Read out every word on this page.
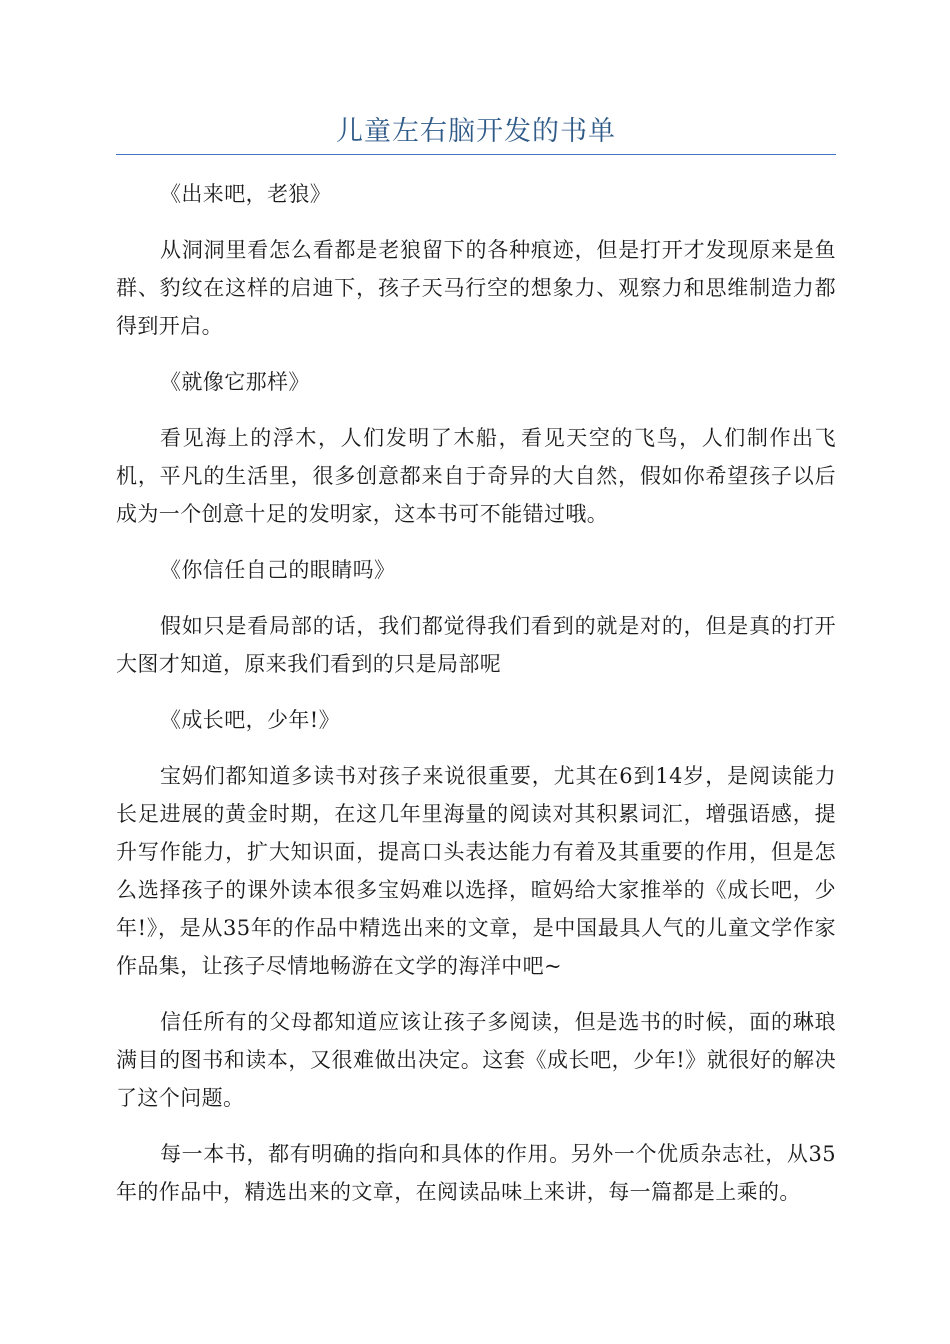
儿童左右脑开发的书单

《出来吧，老狼》

从洞洞里看怎么看都是老狼留下的各种痕迹，但是打开才发现原来是鱼群、豹纹在这样的启迪下，孩子天马行空的想象力、观察力和思维制造力都得到开启。

《就像它那样》

看见海上的浮木，人们发明了木船，看见天空的飞鸟，人们制作出飞机，平凡的生活里，很多创意都来自于奇异的大自然，假如你希望孩子以后成为一个创意十足的发明家，这本书可不能错过哦。

《你信任自己的眼睛吗》

假如只是看局部的话，我们都觉得我们看到的就是对的，但是真的打开大图才知道，原来我们看到的只是局部呢

《成长吧，少年!》

宝妈们都知道多读书对孩子来说很重要，尤其在6到14岁，是阅读能力长足进展的黄金时期，在这几年里海量的阅读对其积累词汇，增强语感，提升写作能力，扩大知识面，提高口头表达能力有着及其重要的作用，但是怎么选择孩子的课外读本很多宝妈难以选择，暄妈给大家推举的《成长吧，少年!》，是从35年的作品中精选出来的文章，是中国最具人气的儿童文学作家作品集，让孩子尽情地畅游在文学的海洋中吧~

信任所有的父母都知道应该让孩子多阅读，但是选书的时候，面的琳琅满目的图书和读本，又很难做出决定。这套《成长吧，少年!》就很好的解决了这个问题。

每一本书，都有明确的指向和具体的作用。另外一个优质杂志社，从35年的作品中，精选出来的文章，在阅读品味上来讲，每一篇都是上乘的。
